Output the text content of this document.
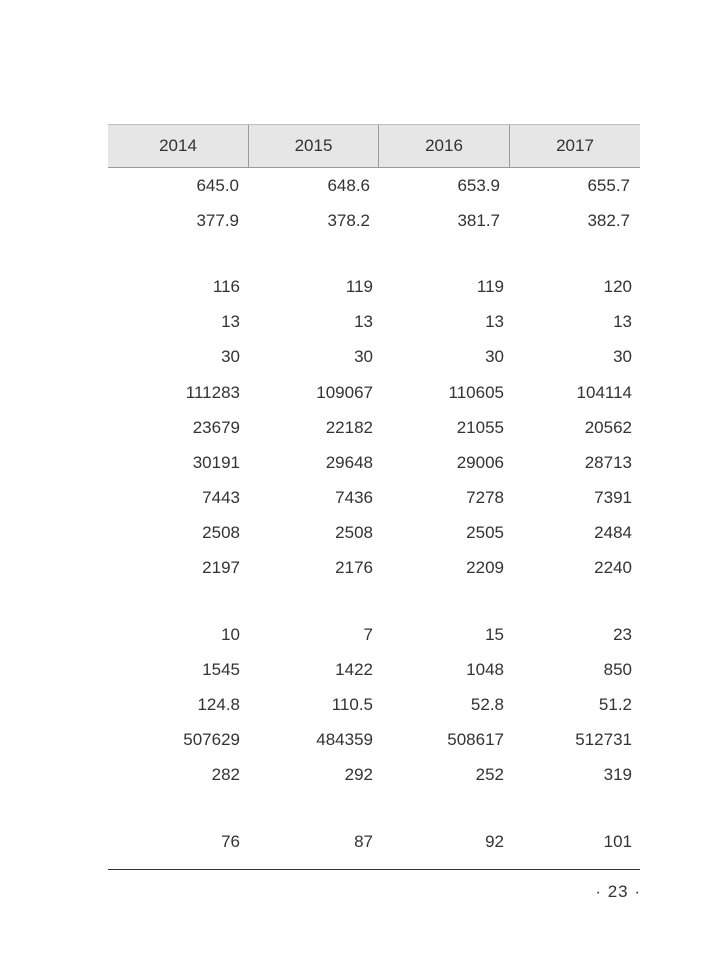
2014	2015	2016	2017
645.0	648.6	653.9	655.7
377.9	378.2	381.7	382.7
116	119	119	120
13	13	13	13
30	30	30	30
111283	109067	110605	104114
23679	22182	21055	20562
30191	29648	29006	28713
7443	7436	7278	7391
2508	2508	2505	2484
2197	2176	2209	2240
10	7	15	23
1545	1422	1048	850
124.8	110.5	52.8	51.2
507629	484359	508617	512731
282	292	252	319
76	87	92	101
· 23 ·
